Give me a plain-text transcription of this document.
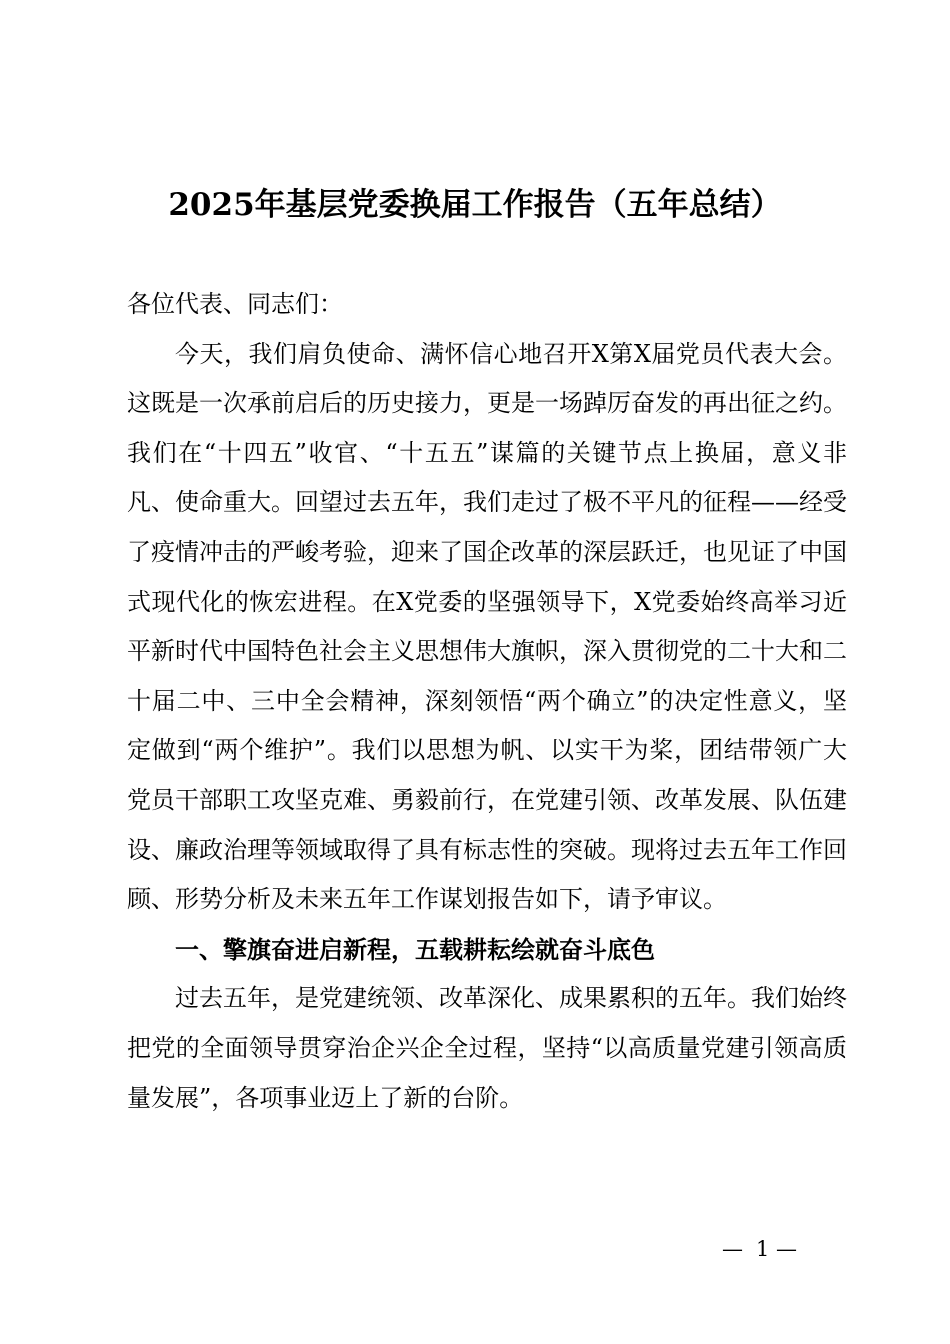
2025年基层党委换届工作报告（五年总结）

各位代表、同志们：

今天，我们肩负使命、满怀信心地召开X第X届党员代表大会。这既是一次承前启后的历史接力，更是一场踔厉奋发的再出征之约。我们在“十四五”收官、“十五五”谋篇的关键节点上换届，意义非凡、使命重大。回望过去五年，我们走过了极不平凡的征程——经受了疫情冲击的严峻考验，迎来了国企改革的深层跃迁，也见证了中国式现代化的恢宏进程。在X党委的坚强领导下，X党委始终高举习近平新时代中国特色社会主义思想伟大旗帜，深入贯彻党的二十大和二十届二中、三中全会精神，深刻领悟“两个确立”的决定性意义，坚定做到“两个维护”。我们以思想为帆、以实干为桨，团结带领广大党员干部职工攻坚克难、勇毅前行，在党建引领、改革发展、队伍建设、廉政治理等领域取得了具有标志性的突破。现将过去五年工作回顾、形势分析及未来五年工作谋划报告如下，请予审议。

一、擎旗奋进启新程，五载耕耘绘就奋斗底色

过去五年，是党建统领、改革深化、成果累积的五年。我们始终把党的全面领导贯穿治企兴企全过程，坚持“以高质量党建引领高质量发展”，各项事业迈上了新的台阶。

— 1 —
